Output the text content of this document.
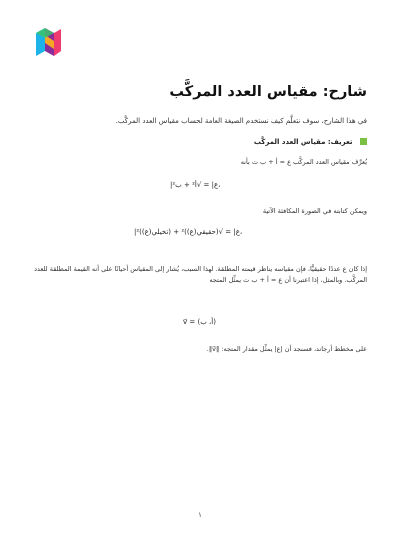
شارح: مقياس العدد المركَّب
في هذا الشارح، سوف نتعلَّم كيف نستخدم الصيغة العامة لحساب مقياس العدد المركَّب.
تعريف: مقياس العدد المركَّب
يُعرَّف مقياس العدد المركَّب ع = أ + ب ت بأنه
|ع| = √أ² + ب²،
ويمكن كتابته في الصورة المكافئة الآتية
|ع| = √(حقيقي(ع))² + (تخيلي(ع))²،
إذا كان ع عددًا حقيقيًّا، فإن مقياسه يناظر قيمته المطلقة. لهذا السبب، يُشار إلى المقياس أحيانًا على أنه القيمة المطلقة للعدد المركَّب. وبالمثل، إذا اعتبرنا أن ع = أ + ب ت يمثِّل المتجه
v⃗ = (أ، ب)
على مخطط أرجاند، فسنجد أن |ع| يمثِّل مقدار المتجه: ‖v⃗‖.
١
